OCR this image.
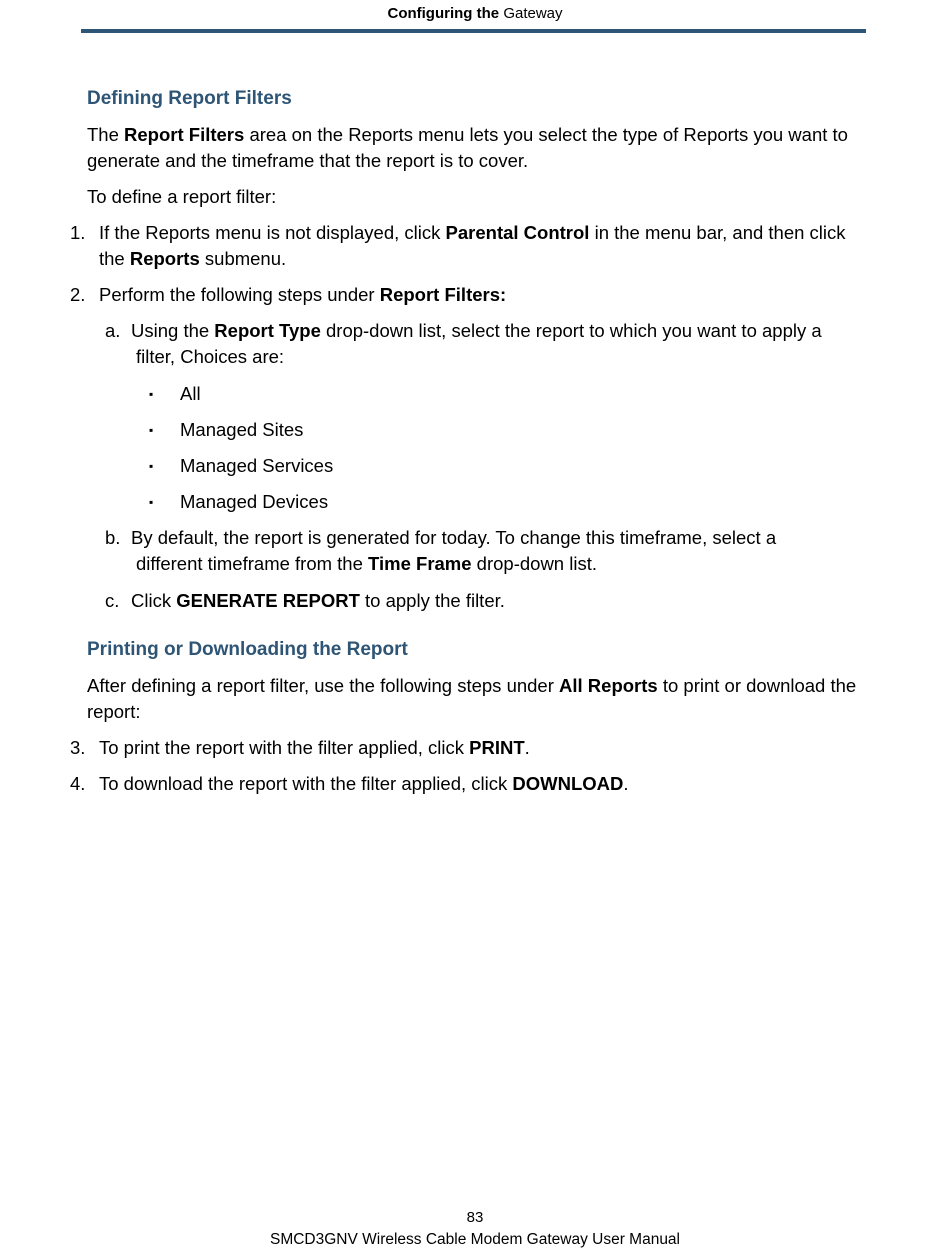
Configuring the Gateway
Defining Report Filters
The Report Filters area on the Reports menu lets you select the type of Reports you want to generate and the timeframe that the report is to cover.
To define a report filter:
1. If the Reports menu is not displayed, click Parental Control in the menu bar, and then click the Reports submenu.
2. Perform the following steps under Report Filters:
a. Using the Report Type drop-down list, select the report to which you want to apply a
filter, Choices are:
▪ All
▪ Managed Sites
▪ Managed Services
▪ Managed Devices
b. By default, the report is generated for today. To change this timeframe, select a
different timeframe from the Time Frame drop-down list.
c. Click GENERATE REPORT to apply the filter.
Printing or Downloading the Report
After defining a report filter, use the following steps under All Reports to print or download the report:
3. To print the report with the filter applied, click PRINT.
4. To download the report with the filter applied, click DOWNLOAD.
83
SMCD3GNV Wireless Cable Modem Gateway User Manual
